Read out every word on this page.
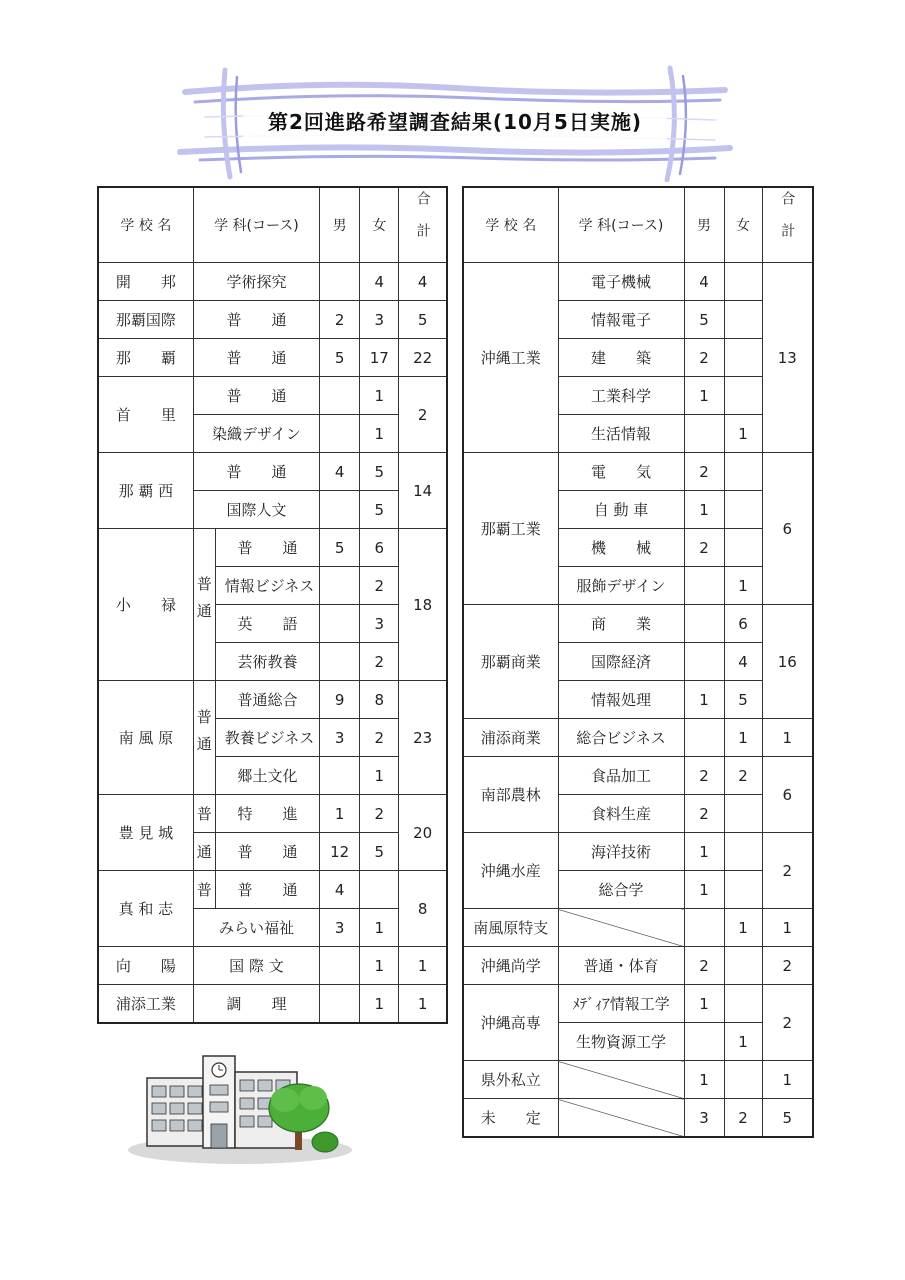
第2回進路希望調査結果(10月5日実施)
学 校 名	学 科(コース)		男	女	合計
開　　邦	学術探究			4	4
那覇国際	普　　通		2	3	5
那　　覇	普　　通		5	17	22
首　　里	普　　通			1	2
	染織デザイン			1	
那 覇 西	普　　通		4	5	14
	国際人文			5	
小　　禄	普通	普　　通	5	6	18
		情報ビジネス		2	
		英　　語		3	
		芸術教養		2	
南 風 原	普通	普通総合	9	8	23
		教養ビジネス	3	2	
		郷土文化		1	
豊 見 城	普	特　　進	1	2	20
	通	普　　通	12	5	
真 和 志	普	普　　通	4		8
	みらい福祉		3	1	
向　　陽	国 際 文			1	1
浦添工業	調　　理			1	1
学 校 名	学 科(コース)	男	女	合計
沖縄工業	電子機械	4		13
	情報電子	5		
	建　　築	2		
	工業科学	1		
	生活情報		1	
那覇工業	電　　気	2		6
	自 動 車	1		
	機　　械	2		
	服飾デザイン		1	
那覇商業	商　　業		6	16
	国際経済		4	
	情報処理	1	5	
浦添商業	総合ビジネス		1	1
南部農林	食品加工	2	2	6
	食料生産	2		
沖縄水産	海洋技術	1		2
	総合学	1		
南風原特支			1	1
沖縄尚学	普通・体育	2		2
沖縄高専	ﾒﾃﾞｨｱ情報工学	1		2
	生物資源工学		1	
県外私立		1		1
未　　定		3	2	5
